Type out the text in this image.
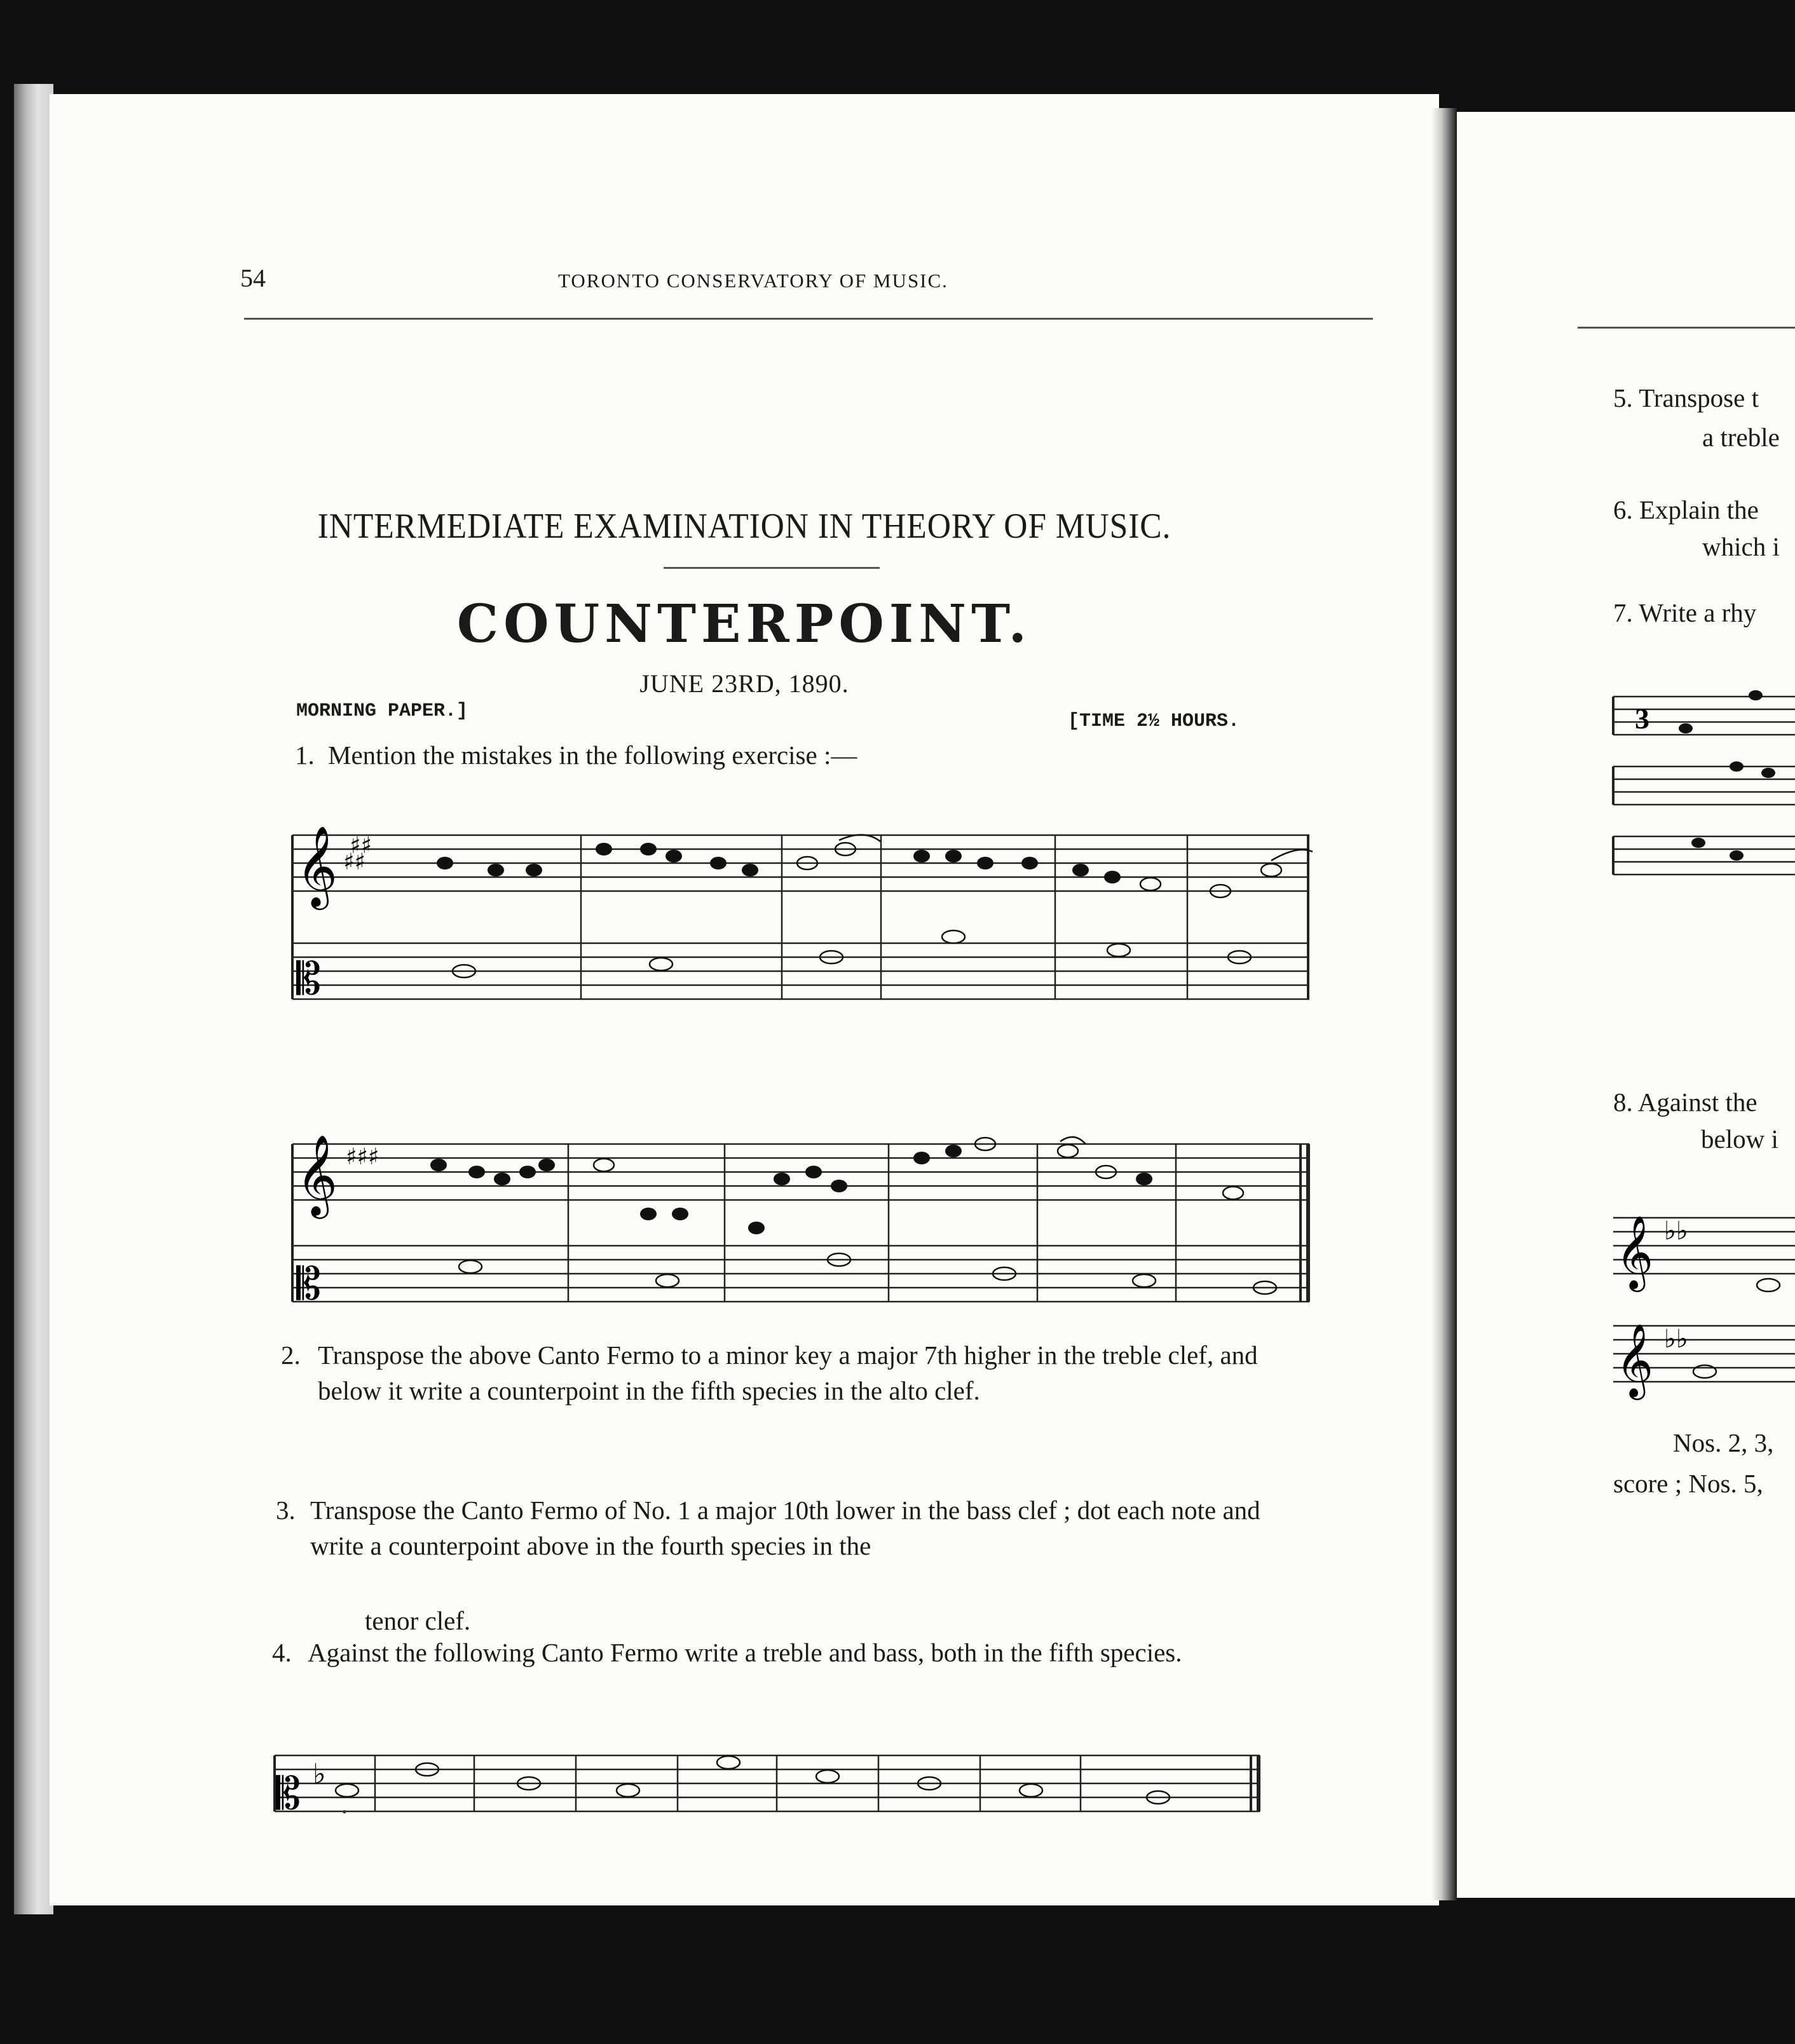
54	TORONTO CONSERVATORY OF MUSIC.
INTERMEDIATE EXAMINATION IN THEORY OF MUSIC.
COUNTERPOINT.
JUNE 23RD, 1890.
MORNING PAPER.]	[TIME 2½ HOURS.
1. Mention the mistakes in the following exercise :—
𝄞 ♯♯
♯♯
𝄡
𝄞 ♯♯♯
𝄡
2. Transpose the above Canto Fermo to a minor key a major 7th higher in the treble clef, and below it write a counterpoint in the fifth species in the alto clef.
3. Transpose the Canto Fermo of No. 1 a major 10th lower in the bass clef ; dot each note and write a counterpoint above in the fourth species in the
tenor clef.
4. Against the following Canto Fermo write a treble and bass, both in the fifth species.
𝄡 ♭
•
5. Transpose t
a treble
6. Explain the
which i
7. Write a rhy
3
8. Against the
below i
𝄞
𝄞
♭♭
♭♭
Nos. 2, 3,
score ; Nos. 5,
